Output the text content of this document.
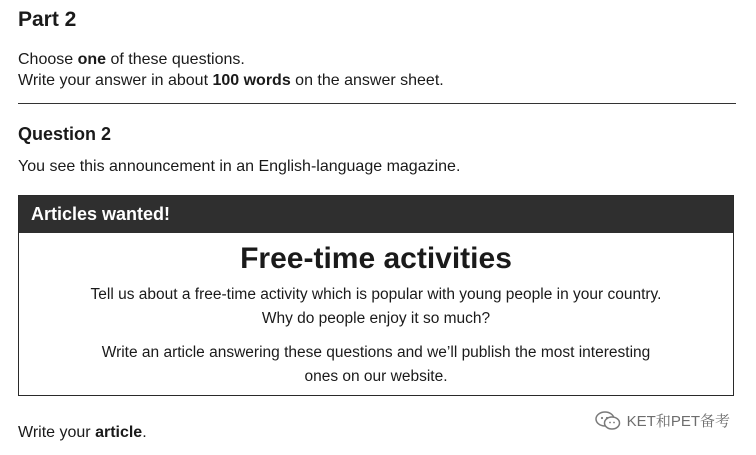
Part 2

Choose one of these questions.

Write your answer in about 100 words on the answer sheet.

Question 2

You see this announcement in an English-language magazine.

Articles wanted!
Free-time activities

Tell us about a free-time activity which is popular with young people in your country.

Why do people enjoy it so much?

Write an article answering these questions and we’ll publish the most interesting

ones on our website.

Write your article.

KET和PET备考
